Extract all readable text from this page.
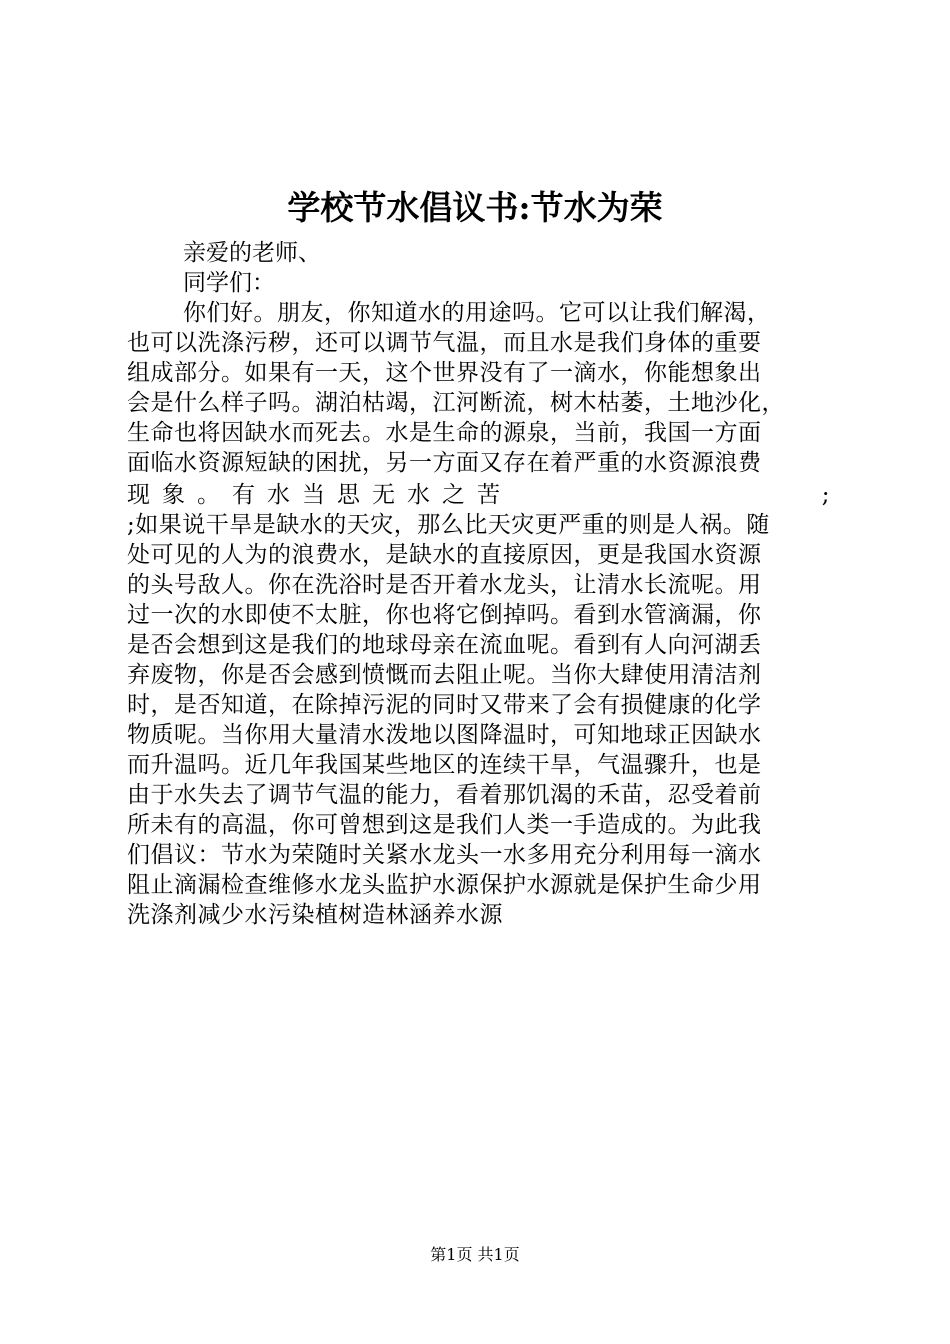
学校节水倡议书:节水为荣

亲爱的老师、

同学们：

你们好。朋友，你知道水的用途吗。它可以让我们解渴，

也可以洗涤污秽，还可以调节气温，而且水是我们身体的重要

组成部分。如果有一天，这个世界没有了一滴水，你能想象出

会是什么样子吗。湖泊枯竭，江河断流，树木枯萎，土地沙化，

生命也将因缺水而死去。水是生命的源泉，当前，我国一方面

面临水资源短缺的困扰，另一方面又存在着严重的水资源浪费

现象。有水当思无水之苦	;

;如果说干旱是缺水的天灾，那么比天灾更严重的则是人祸。随

处可见的人为的浪费水，是缺水的直接原因，更是我国水资源

的头号敌人。你在洗浴时是否开着水龙头，让清水长流呢。用

过一次的水即使不太脏，你也将它倒掉吗。看到水管滴漏，你

是否会想到这是我们的地球母亲在流血呢。看到有人向河湖丢

弃废物，你是否会感到愤慨而去阻止呢。当你大肆使用清洁剂

时，是否知道，在除掉污泥的同时又带来了会有损健康的化学

物质呢。当你用大量清水泼地以图降温时，可知地球正因缺水

而升温吗。近几年我国某些地区的连续干旱，气温骤升，也是

由于水失去了调节气温的能力，看着那饥渴的禾苗，忍受着前

所未有的高温，你可曾想到这是我们人类一手造成的。为此我

们倡议：节水为荣随时关紧水龙头一水多用充分利用每一滴水

阻止滴漏检查维修水龙头监护水源保护水源就是保护生命少用

洗涤剂减少水污染植树造林涵养水源

第1页 共1页
